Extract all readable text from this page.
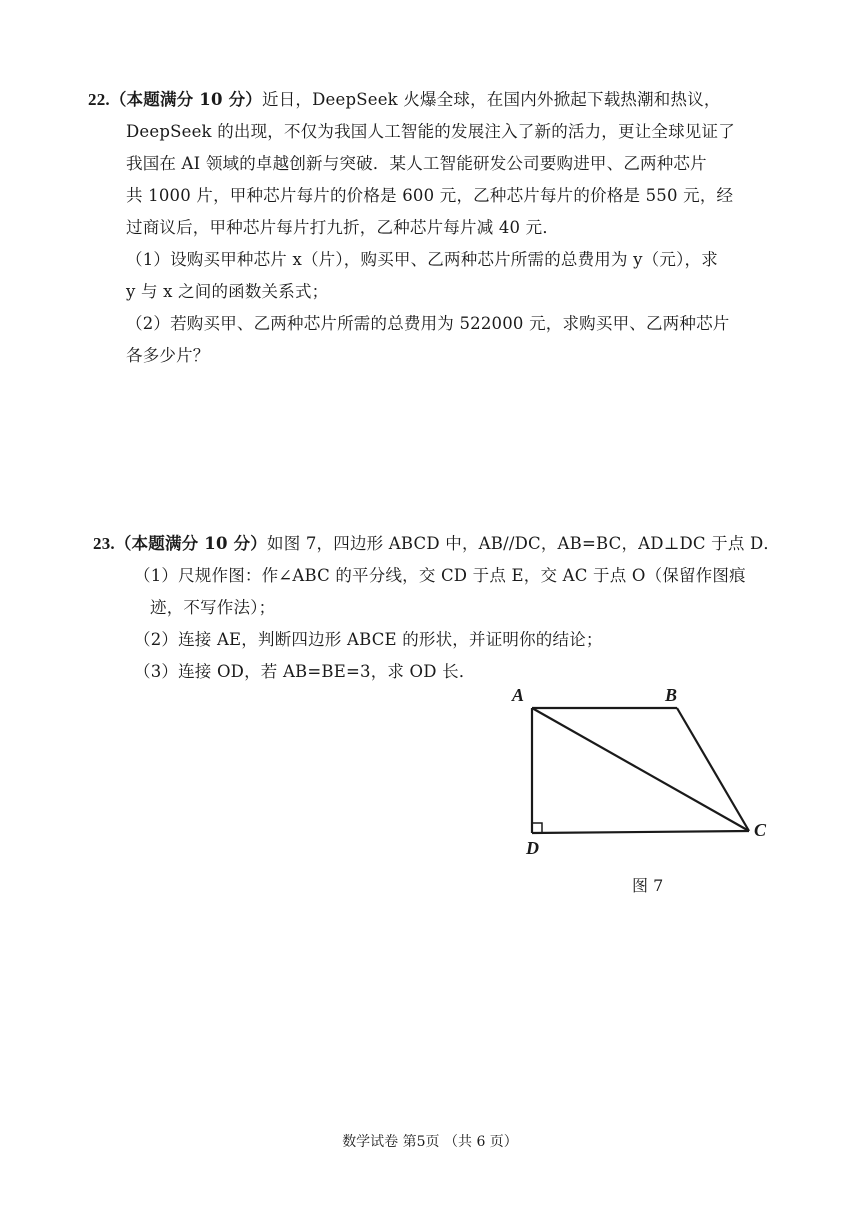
22.（本题满分 10 分）近日，DeepSeek 火爆全球，在国内外掀起下载热潮和热议，
DeepSeek 的出现，不仅为我国人工智能的发展注入了新的活力，更让全球见证了
我国在 AI 领域的卓越创新与突破．某人工智能研发公司要购进甲、乙两种芯片
共 1000 片，甲种芯片每片的价格是 600 元，乙种芯片每片的价格是 550 元，经
过商议后，甲种芯片每片打九折，乙种芯片每片减 40 元．
（1）设购买甲种芯片 x（片），购买甲、乙两种芯片所需的总费用为 y（元），求
y 与 x 之间的函数关系式；
（2）若购买甲、乙两种芯片所需的总费用为 522000 元，求购买甲、乙两种芯片
各多少片？
23.（本题满分 10 分）如图 7，四边形 ABCD 中，AB//DC，AB=BC，AD⊥DC 于点 D．
（1）尺规作图：作∠ABC 的平分线，交 CD 于点 E，交 AC 于点 O（保留作图痕
迹，不写作法）；
（2）连接 AE，判断四边形 ABCE 的形状，并证明你的结论；
（3）连接 OD，若 AB=BE=3，求 OD 长．
A	B
C
D
图 7
数学试卷 第5页 （共 6 页）
